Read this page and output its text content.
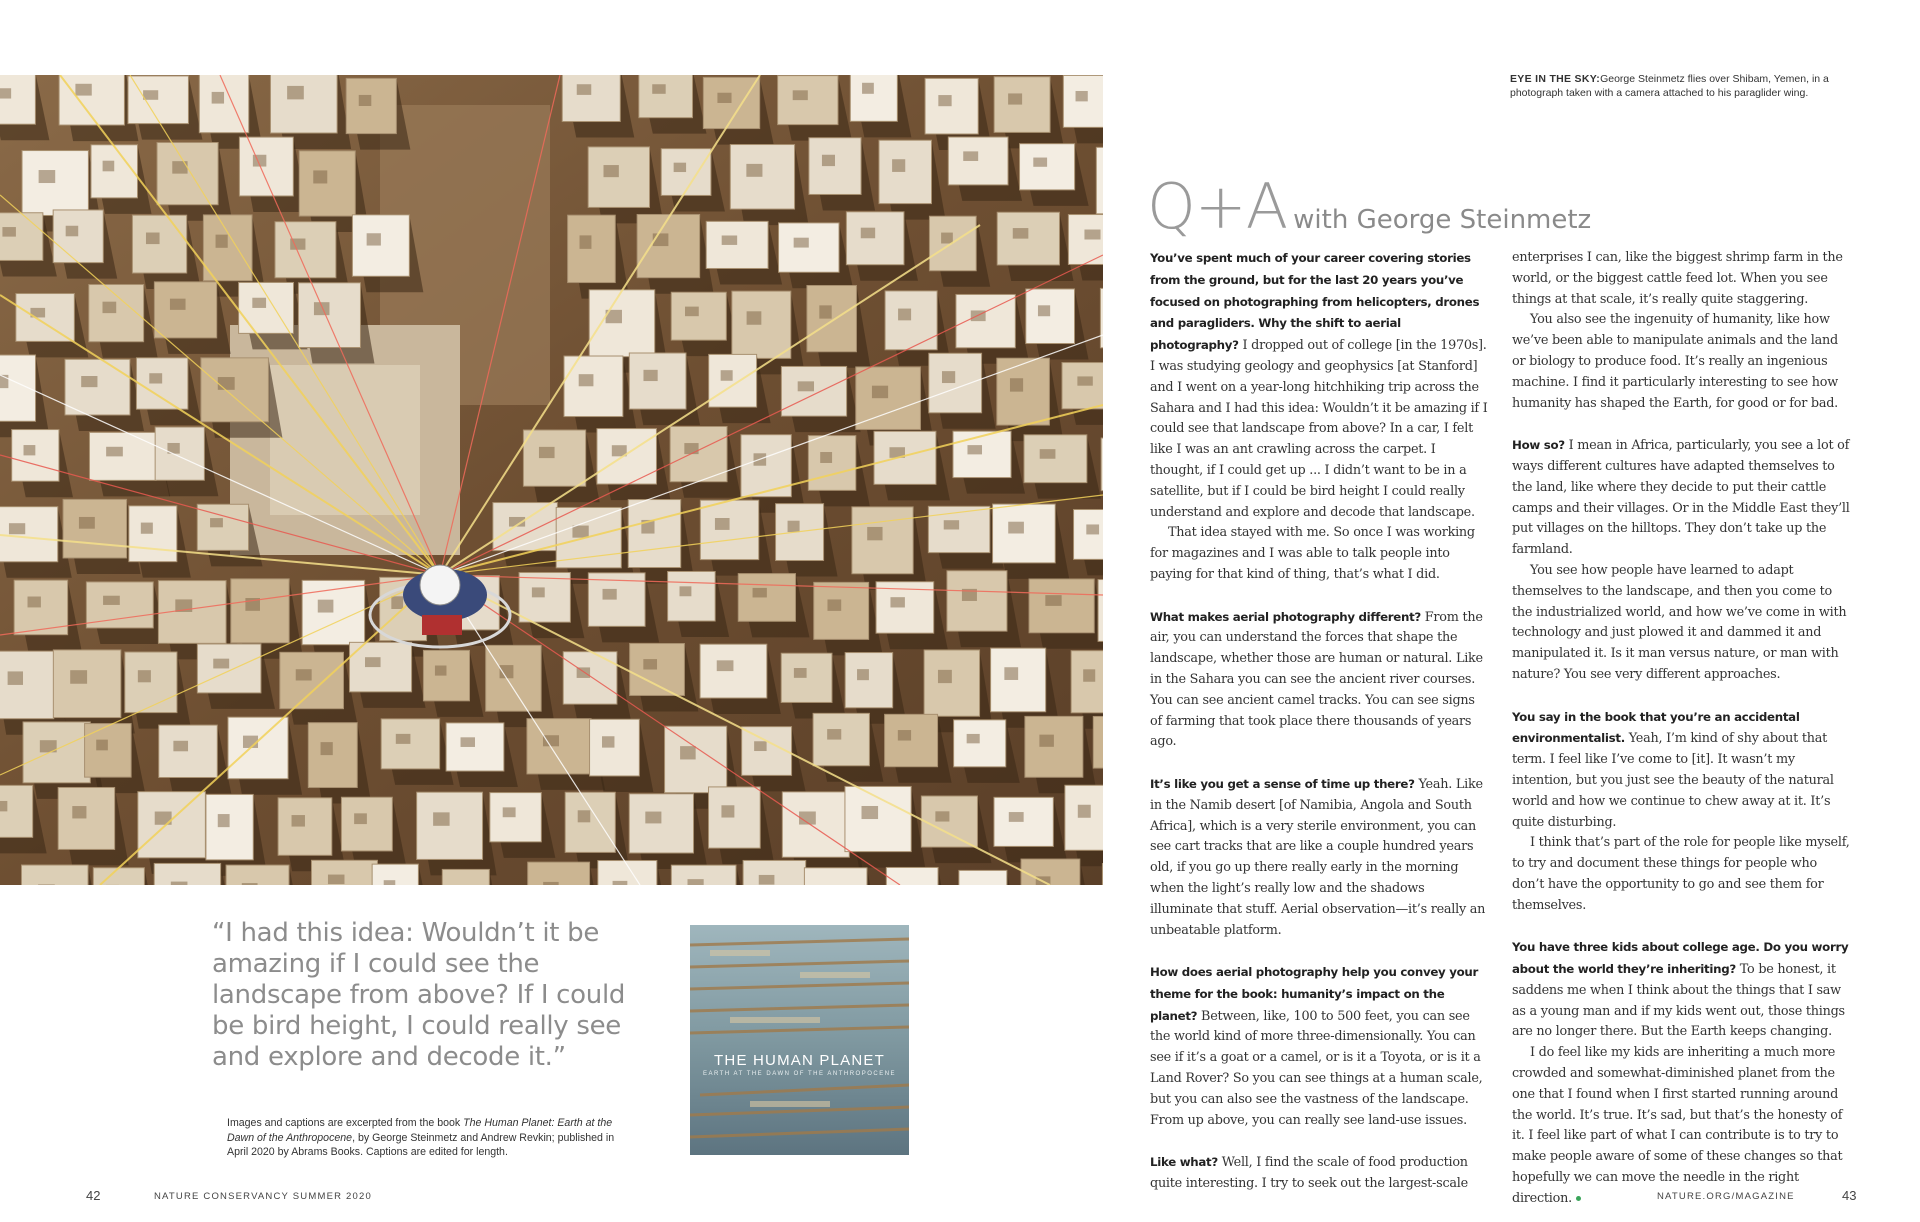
EYE IN THE SKY:George Steinmetz flies over Shibam, Yemen, in a photograph taken with a camera attached to his paraglider wing.
Q+A with George Steinmetz

You’ve spent much of your career covering stories from the ground, but for the last 20 years you’ve focused on photographing from helicopters, drones and paragliders. Why the shift to aerial photography? I dropped out of college [in the 1970s]. I was studying geology and geophysics [at Stanford] and I went on a year-long hitchhiking trip across the Sahara and I had this idea: Wouldn’t it be amazing if I could see that landscape from above? In a car, I felt like I was an ant crawling across the carpet. I thought, if I could get up ... I didn’t want to be in a satellite, but if I could be bird height I could really understand and explore and decode that landscape.

That idea stayed with me. So once I was working for magazines and I was able to talk people into paying for that kind of thing, that’s what I did.

What makes aerial photography different? From the air, you can understand the forces that shape the landscape, whether those are human or natural. Like in the Sahara you can see the ancient river courses. You can see ancient camel tracks. You can see signs of farming that took place there thousands of years ago.

It’s like you get a sense of time up there? Yeah. Like in the Namib desert [of Namibia, Angola and South Africa], which is a very sterile environment, you can see cart tracks that are like a couple hundred years old, if you go up there really early in the morning when the light’s really low and the shadows illuminate that stuff. Aerial observation—it’s really an unbeatable platform.

How does aerial photography help you convey your theme for the book: humanity’s impact on the planet? Between, like, 100 to 500 feet, you can see the world kind of more three-dimensionally. You can see if it’s a goat or a camel, or is it a Toyota, or is it a Land Rover? So you can see things at a human scale, but you can also see the vastness of the landscape. From up above, you can really see land-use issues.

Like what? Well, I find the scale of food production quite interesting. I try to seek out the largest-scale

enterprises I can, like the biggest shrimp farm in the world, or the biggest cattle feed lot. When you see things at that scale, it’s really quite staggering.

You also see the ingenuity of humanity, like how we’ve been able to manipulate animals and the land or biology to produce food. It’s really an ingenious machine. I find it particularly interesting to see how humanity has shaped the Earth, for good or for bad.

How so? I mean in Africa, particularly, you see a lot of ways different cultures have adapted themselves to the land, like where they decide to put their cattle camps and their villages. Or in the Middle East they’ll put villages on the hilltops. They don’t take up the farmland.

You see how people have learned to adapt themselves to the landscape, and then you come to the industrialized world, and how we’ve come in with technology and just plowed it and dammed it and manipulated it. Is it man versus nature, or man with nature? You see very different approaches.

You say in the book that you’re an accidental environmentalist. Yeah, I’m kind of shy about that term. I feel like I’ve come to [it]. It wasn’t my intention, but you just see the beauty of the natural world and how we continue to chew away at it. It’s quite disturbing.

I think that’s part of the role for people like myself, to try and document these things for people who don’t have the opportunity to go and see them for themselves.

You have three kids about college age. Do you worry about the world they’re inheriting? To be honest, it saddens me when I think about the things that I saw as a young man and if my kids went out, those things are no longer there. But the Earth keeps changing.

I do feel like my kids are inheriting a much more crowded and somewhat-diminished planet from the one that I found when I first started running around the world. It’s true. It’s sad, but that’s the honesty of it. I feel like part of what I can contribute is to try to make people aware of some of these changes so that hopefully we can move the needle in the right direction.

“I had this idea: Wouldn’t it be amazing if I could see the landscape from above? If I could be bird height, I could really see and explore and decode it.”
Images and captions are excerpted from the book The Human Planet: Earth at the Dawn of the Anthropocene, by George Steinmetz and Andrew Revkin; published in April 2020 by Abrams Books. Captions are edited for length.
THE HUMAN PLANET
EARTH AT THE DAWN OF THE ANTHROPOCENE
42	NATURE CONSERVANCY SUMMER 2020	NATURE.ORG/MAGAZINE	43
